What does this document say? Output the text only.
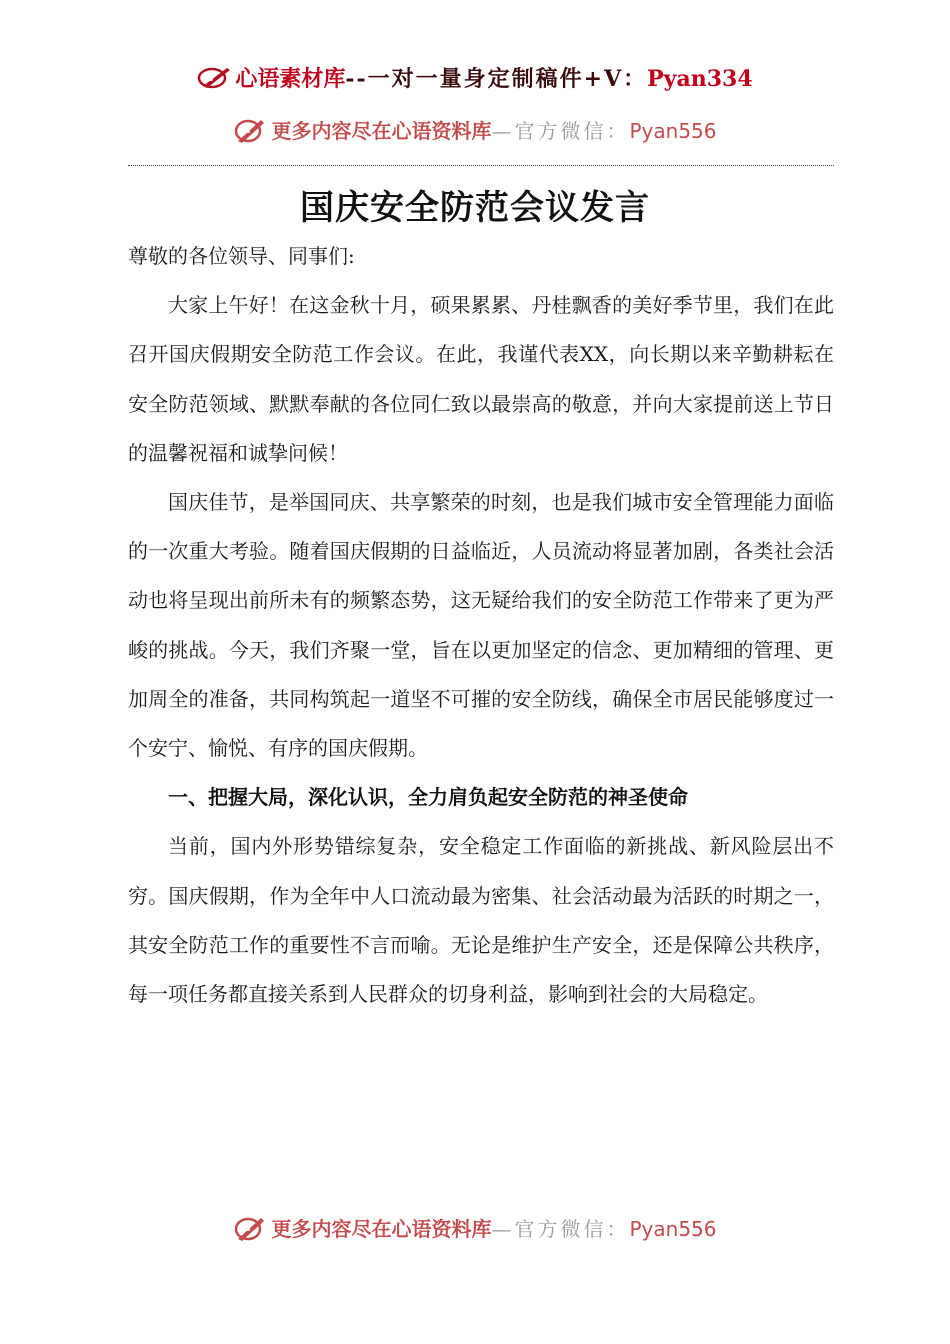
心语素材库--一对一量身定制稿件+V：Pyan334
更多内容尽在心语资料库—官方微信：Pyan556
国庆安全防范会议发言

尊敬的各位领导、同事们:

大家上午好！在这金秋十月，硕果累累、丹桂飘香的美好季节里，我们在此召开国庆假期安全防范工作会议。在此，我谨代表XX，向长期以来辛勤耕耘在安全防范领域、默默奉献的各位同仁致以最崇高的敬意，并向大家提前送上节日的温馨祝福和诚挚问候！

国庆佳节，是举国同庆、共享繁荣的时刻，也是我们城市安全管理能力面临的一次重大考验。随着国庆假期的日益临近，人员流动将显著加剧，各类社会活动也将呈现出前所未有的频繁态势，这无疑给我们的安全防范工作带来了更为严峻的挑战。今天，我们齐聚一堂，旨在以更加坚定的信念、更加精细的管理、更加周全的准备，共同构筑起一道坚不可摧的安全防线，确保全市居民能够度过一个安宁、愉悦、有序的国庆假期。

一、把握大局，深化认识，全力肩负起安全防范的神圣使命

当前，国内外形势错综复杂，安全稳定工作面临的新挑战、新风险层出不穷。国庆假期，作为全年中人口流动最为密集、社会活动最为活跃的时期之一，其安全防范工作的重要性不言而喻。无论是维护生产安全，还是保障公共秩序，每一项任务都直接关系到人民群众的切身利益，影响到社会的大局稳定。

更多内容尽在心语资料库—官方微信：Pyan556
